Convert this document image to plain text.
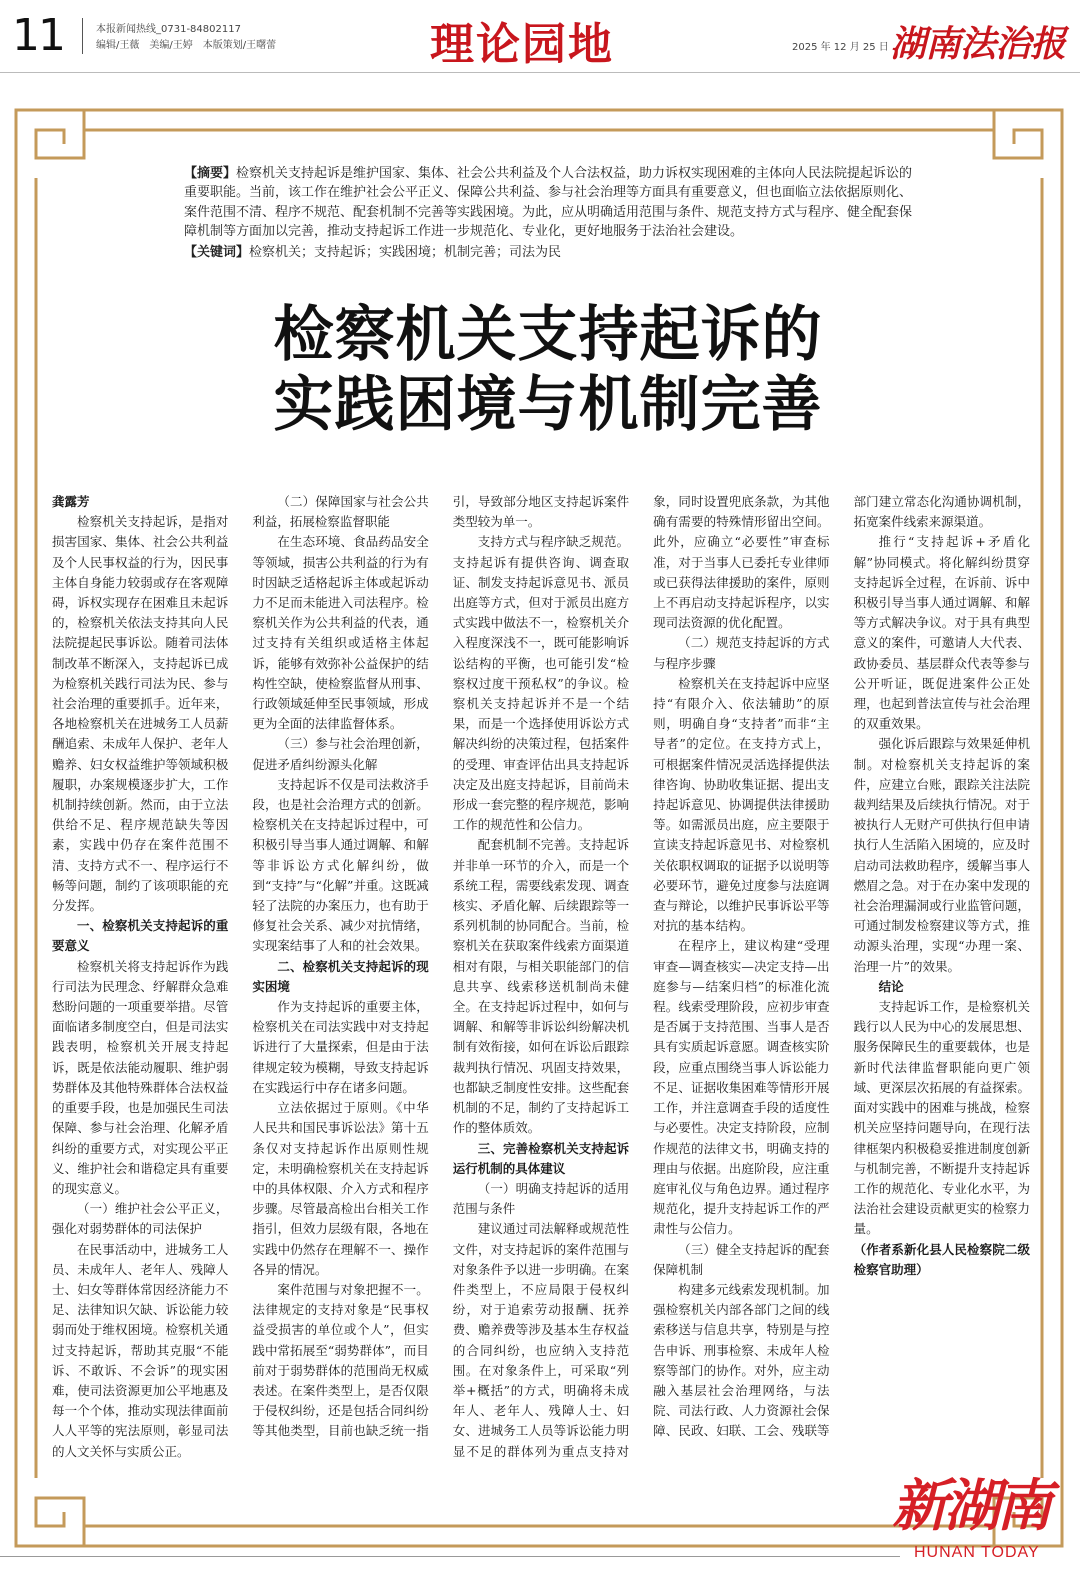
11	本报新闻热线_0731-84802117
编辑/王薇　美编/王婷　本版策划/王曙蕾	理论园地	2025 年 12 月 25 日 湖南法治报
【摘要】检察机关支持起诉是维护国家、集体、社会公共利益及个人合法权益，助力诉权实现困难的主体向人民法院提起诉讼的重要职能。当前，该工作在维护社会公平正义、保障公共利益、参与社会治理等方面具有重要意义，但也面临立法依据原则化、案件范围不清、程序不规范、配套机制不完善等实践困境。为此，应从明确适用范围与条件、规范支持方式与程序、健全配套保障机制等方面加以完善，推动支持起诉工作进一步规范化、专业化，更好地服务于法治社会建设。
【关键词】检察机关；支持起诉；实践困境；机制完善；司法为民
检察机关支持起诉的
实践困境与机制完善

龚露芳

检察机关支持起诉，是指对损害国家、集体、社会公共利益及个人民事权益的行为，因民事主体自身能力较弱或存在客观障碍，诉权实现存在困难且未起诉的，检察机关依法支持其向人民法院提起民事诉讼。随着司法体制改革不断深入，支持起诉已成为检察机关践行司法为民、参与社会治理的重要抓手。近年来，各地检察机关在进城务工人员薪酬追索、未成年人保护、老年人赡养、妇女权益维护等领域积极履职，办案规模逐步扩大，工作机制持续创新。然而，由于立法供给不足、程序规范缺失等因素，实践中仍存在案件范围不清、支持方式不一、程序运行不畅等问题，制约了该项职能的充分发挥。

一、检察机关支持起诉的重要意义

检察机关将支持起诉作为践行司法为民理念、纾解群众急难愁盼问题的一项重要举措。尽管面临诸多制度空白，但是司法实践表明，检察机关开展支持起诉，既是依法能动履职、维护弱势群体及其他特殊群体合法权益的重要手段，也是加强民生司法保障、参与社会治理、化解矛盾纠纷的重要方式，对实现公平正义、维护社会和谐稳定具有重要的现实意义。

（一）维护社会公平正义，强化对弱势群体的司法保护

在民事活动中，进城务工人员、未成年人、老年人、残障人士、妇女等群体常因经济能力不足、法律知识欠缺、诉讼能力较弱而处于维权困境。检察机关通过支持起诉，帮助其克服“不能诉、不敢诉、不会诉”的现实困难，使司法资源更加公平地惠及每一个个体，推动实现法律面前人人平等的宪法原则，彰显司法的人文关怀与实质公正。

（二）保障国家与社会公共利益，拓展检察监督职能

在生态环境、食品药品安全等领域，损害公共利益的行为有时因缺乏适格起诉主体或起诉动力不足而未能进入司法程序。检察机关作为公共利益的代表，通过支持有关组织或适格主体起诉，能够有效弥补公益保护的结构性空缺，使检察监督从刑事、行政领域延伸至民事领域，形成更为全面的法律监督体系。

（三）参与社会治理创新，促进矛盾纠纷源头化解

支持起诉不仅是司法救济手段，也是社会治理方式的创新。检察机关在支持起诉过程中，可积极引导当事人通过调解、和解等非诉讼方式化解纠纷，做到“支持”与“化解”并重。这既减轻了法院的办案压力，也有助于修复社会关系、减少对抗情绪，实现案结事了人和的社会效果。

二、检察机关支持起诉的现实困境

作为支持起诉的重要主体，检察机关在司法实践中对支持起诉进行了大量探索，但是由于法律规定较为模糊，导致支持起诉在实践运行中存在诸多问题。

立法依据过于原则。《中华人民共和国民事诉讼法》第十五条仅对支持起诉作出原则性规定，未明确检察机关在支持起诉中的具体权限、介入方式和程序步骤。尽管最高检出台相关工作指引，但效力层级有限，各地在实践中仍然存在理解不一、操作各异的情况。

案件范围与对象把握不一。法律规定的支持对象是“民事权益受损害的单位或个人”，但实践中常拓展至“弱势群体”，而目前对于弱势群体的范围尚无权威表述。在案件类型上，是否仅限于侵权纠纷，还是包括合同纠纷等其他类型，目前也缺乏统一指引，导致部分地区支持起诉案件类型较为单一。

支持方式与程序缺乏规范。支持起诉有提供咨询、调查取证、制发支持起诉意见书、派员出庭等方式，但对于派员出庭方式实践中做法不一，检察机关介入程度深浅不一，既可能影响诉讼结构的平衡，也可能引发“检察权过度干预私权”的争议。检察机关支持起诉并不是一个结果，而是一个选择使用诉讼方式解决纠纷的决策过程，包括案件的受理、审查评估出具支持起诉决定及出庭支持起诉，目前尚未形成一套完整的程序规范，影响工作的规范性和公信力。

配套机制不完善。支持起诉并非单一环节的介入，而是一个系统工程，需要线索发现、调查核实、矛盾化解、后续跟踪等一系列机制的协同配合。当前，检察机关在获取案件线索方面渠道相对有限，与相关职能部门的信息共享、线索移送机制尚未健全。在支持起诉过程中，如何与调解、和解等非诉讼纠纷解决机制有效衔接，如何在诉讼后跟踪裁判执行情况、巩固支持效果，也都缺乏制度性安排。这些配套机制的不足，制约了支持起诉工作的整体质效。

三、完善检察机关支持起诉运行机制的具体建议

（一）明确支持起诉的适用范围与条件

建议通过司法解释或规范性文件，对支持起诉的案件范围与对象条件予以进一步明确。在案件类型上，不应局限于侵权纠纷，对于追索劳动报酬、抚养费、赡养费等涉及基本生存权益的合同纠纷，也应纳入支持范围。在对象条件上，可采取“列举+概括”的方式，明确将未成年人、老年人、残障人士、妇女、进城务工人员等诉讼能力明显不足的群体列为重点支持对象，同时设置兜底条款，为其他确有需要的特殊情形留出空间。此外，应确立“必要性”审查标准，对于当事人已委托专业律师或已获得法律援助的案件，原则上不再启动支持起诉程序，以实现司法资源的优化配置。

（二）规范支持起诉的方式与程序步骤

检察机关在支持起诉中应坚持“有限介入、依法辅助”的原则，明确自身“支持者”而非“主导者”的定位。在支持方式上，可根据案件情况灵活选择提供法律咨询、协助收集证据、提出支持起诉意见、协调提供法律援助等。如需派员出庭，应主要限于宣读支持起诉意见书、对检察机关依职权调取的证据予以说明等必要环节，避免过度参与法庭调查与辩论，以维护民事诉讼平等对抗的基本结构。

在程序上，建议构建“受理审查—调查核实—决定支持—出庭参与—结案归档”的标准化流程。线索受理阶段，应初步审查是否属于支持范围、当事人是否具有实质起诉意愿。调查核实阶段，应重点围绕当事人诉讼能力不足、证据收集困难等情形开展工作，并注意调查手段的适度性与必要性。决定支持阶段，应制作规范的法律文书，明确支持的理由与依据。出庭阶段，应注重庭审礼仪与角色边界。通过程序规范化，提升支持起诉工作的严肃性与公信力。

（三）健全支持起诉的配套保障机制

构建多元线索发现机制。加强检察机关内部各部门之间的线索移送与信息共享，特别是与控告申诉、刑事检察、未成年人检察等部门的协作。对外，应主动融入基层社会治理网络，与法院、司法行政、人力资源社会保障、民政、妇联、工会、残联等部门建立常态化沟通协调机制，拓宽案件线索来源渠道。

推行“支持起诉+矛盾化解”协同模式。将化解纠纷贯穿支持起诉全过程，在诉前、诉中积极引导当事人通过调解、和解等方式解决争议。对于具有典型意义的案件，可邀请人大代表、政协委员、基层群众代表等参与公开听证，既促进案件公正处理，也起到普法宣传与社会治理的双重效果。

强化诉后跟踪与效果延伸机制。对检察机关支持起诉的案件，应建立台账，跟踪关注法院裁判结果及后续执行情况。对于被执行人无财产可供执行但申请执行人生活陷入困境的，应及时启动司法救助程序，缓解当事人燃眉之急。对于在办案中发现的社会治理漏洞或行业监管问题，可通过制发检察建议等方式，推动源头治理，实现“办理一案、治理一片”的效果。

结论

支持起诉工作，是检察机关践行以人民为中心的发展思想、服务保障民生的重要载体，也是新时代法律监督职能向更广领域、更深层次拓展的有益探索。面对实践中的困难与挑战，检察机关应坚持问题导向，在现行法律框架内积极稳妥推进制度创新与机制完善，不断提升支持起诉工作的规范化、专业化水平，为法治社会建设贡献更实的检察力量。

（作者系新化县人民检察院二级检察官助理）

新湖南
HUNAN TODAY
